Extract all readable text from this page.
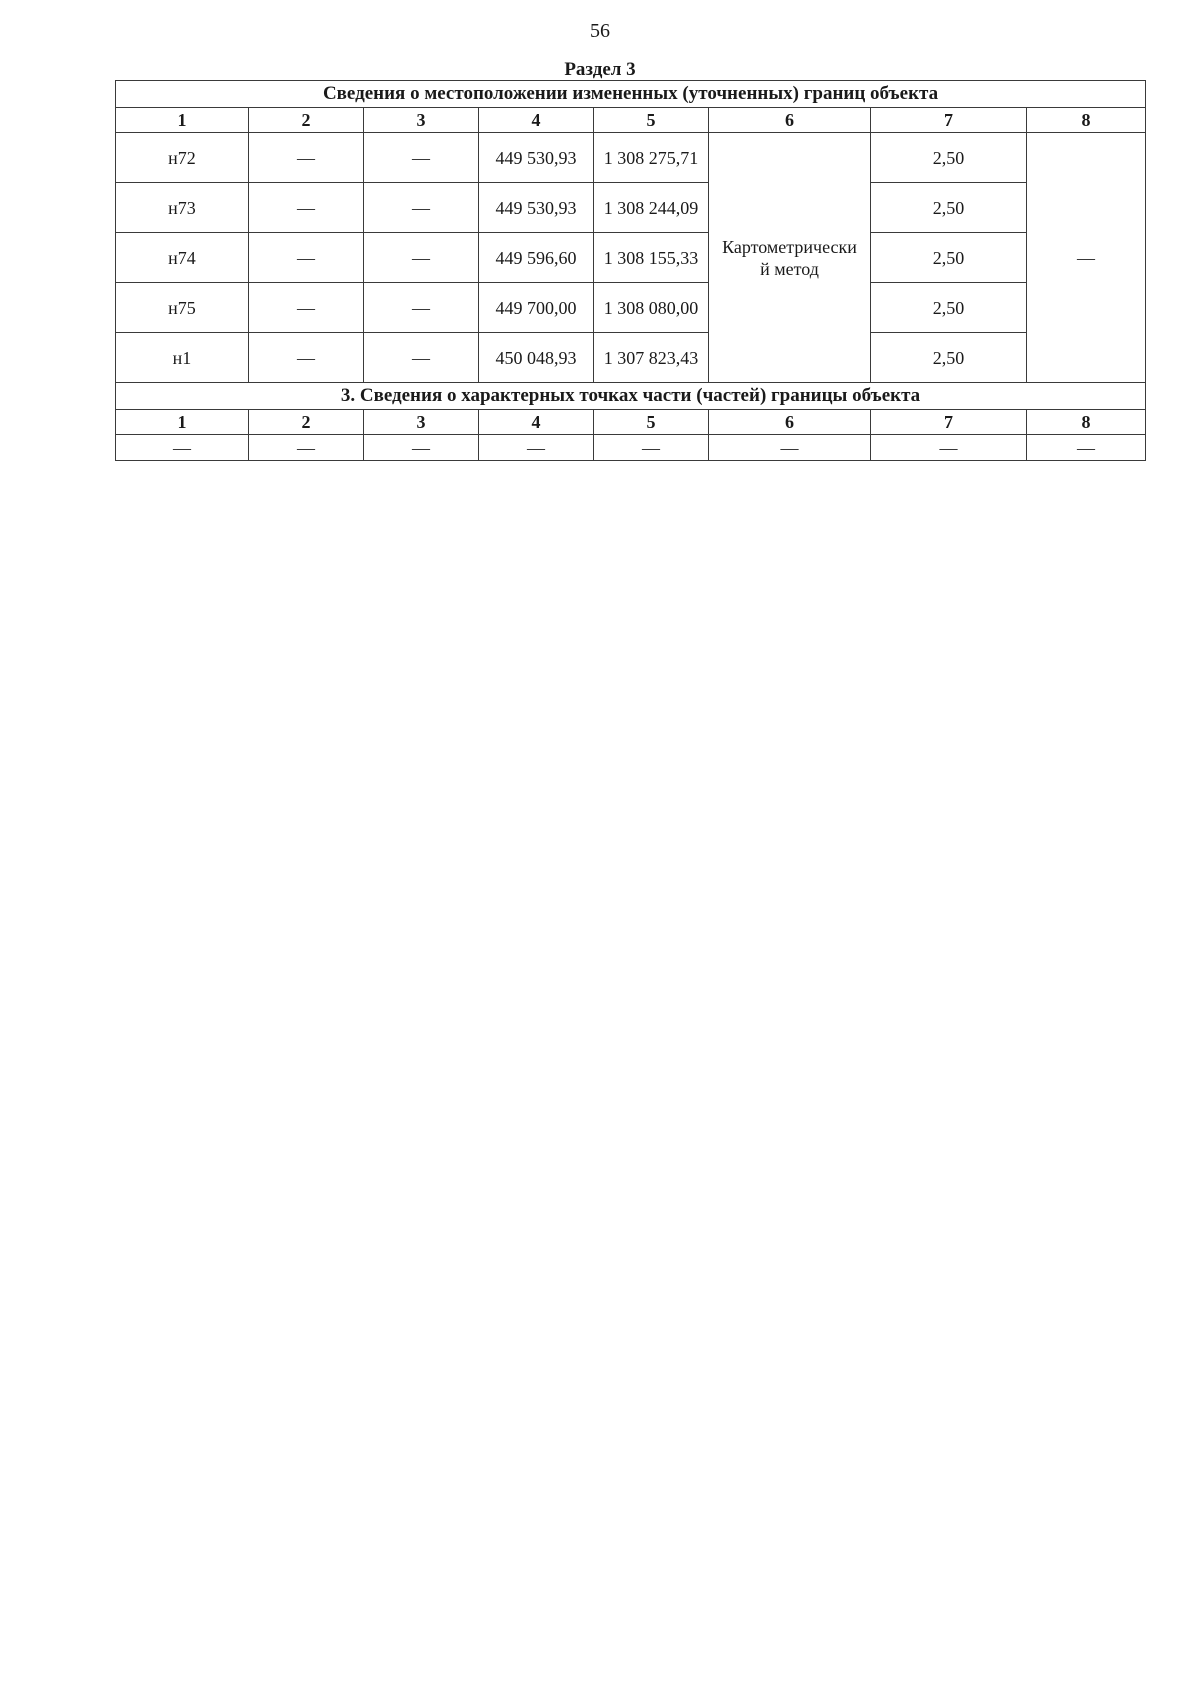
56
Раздел 3
Сведения о местоположении измененных (уточненных) границ объекта							
1	2	3	4	5	6	7	8
н72	—	—	449 530,93	1 308 275,71	Картометрически
й метод	2,50	—
н73	—	—	449 530,93	1 308 244,09		2,50	
н74	—	—	449 596,60	1 308 155,33		2,50	
н75	—	—	449 700,00	1 308 080,00		2,50	
н1	—	—	450 048,93	1 307 823,43		2,50	
3. Сведения о характерных точках части (частей) границы объекта							
1	2	3	4	5	6	7	8
—	—	—	—	—	—	—	—
